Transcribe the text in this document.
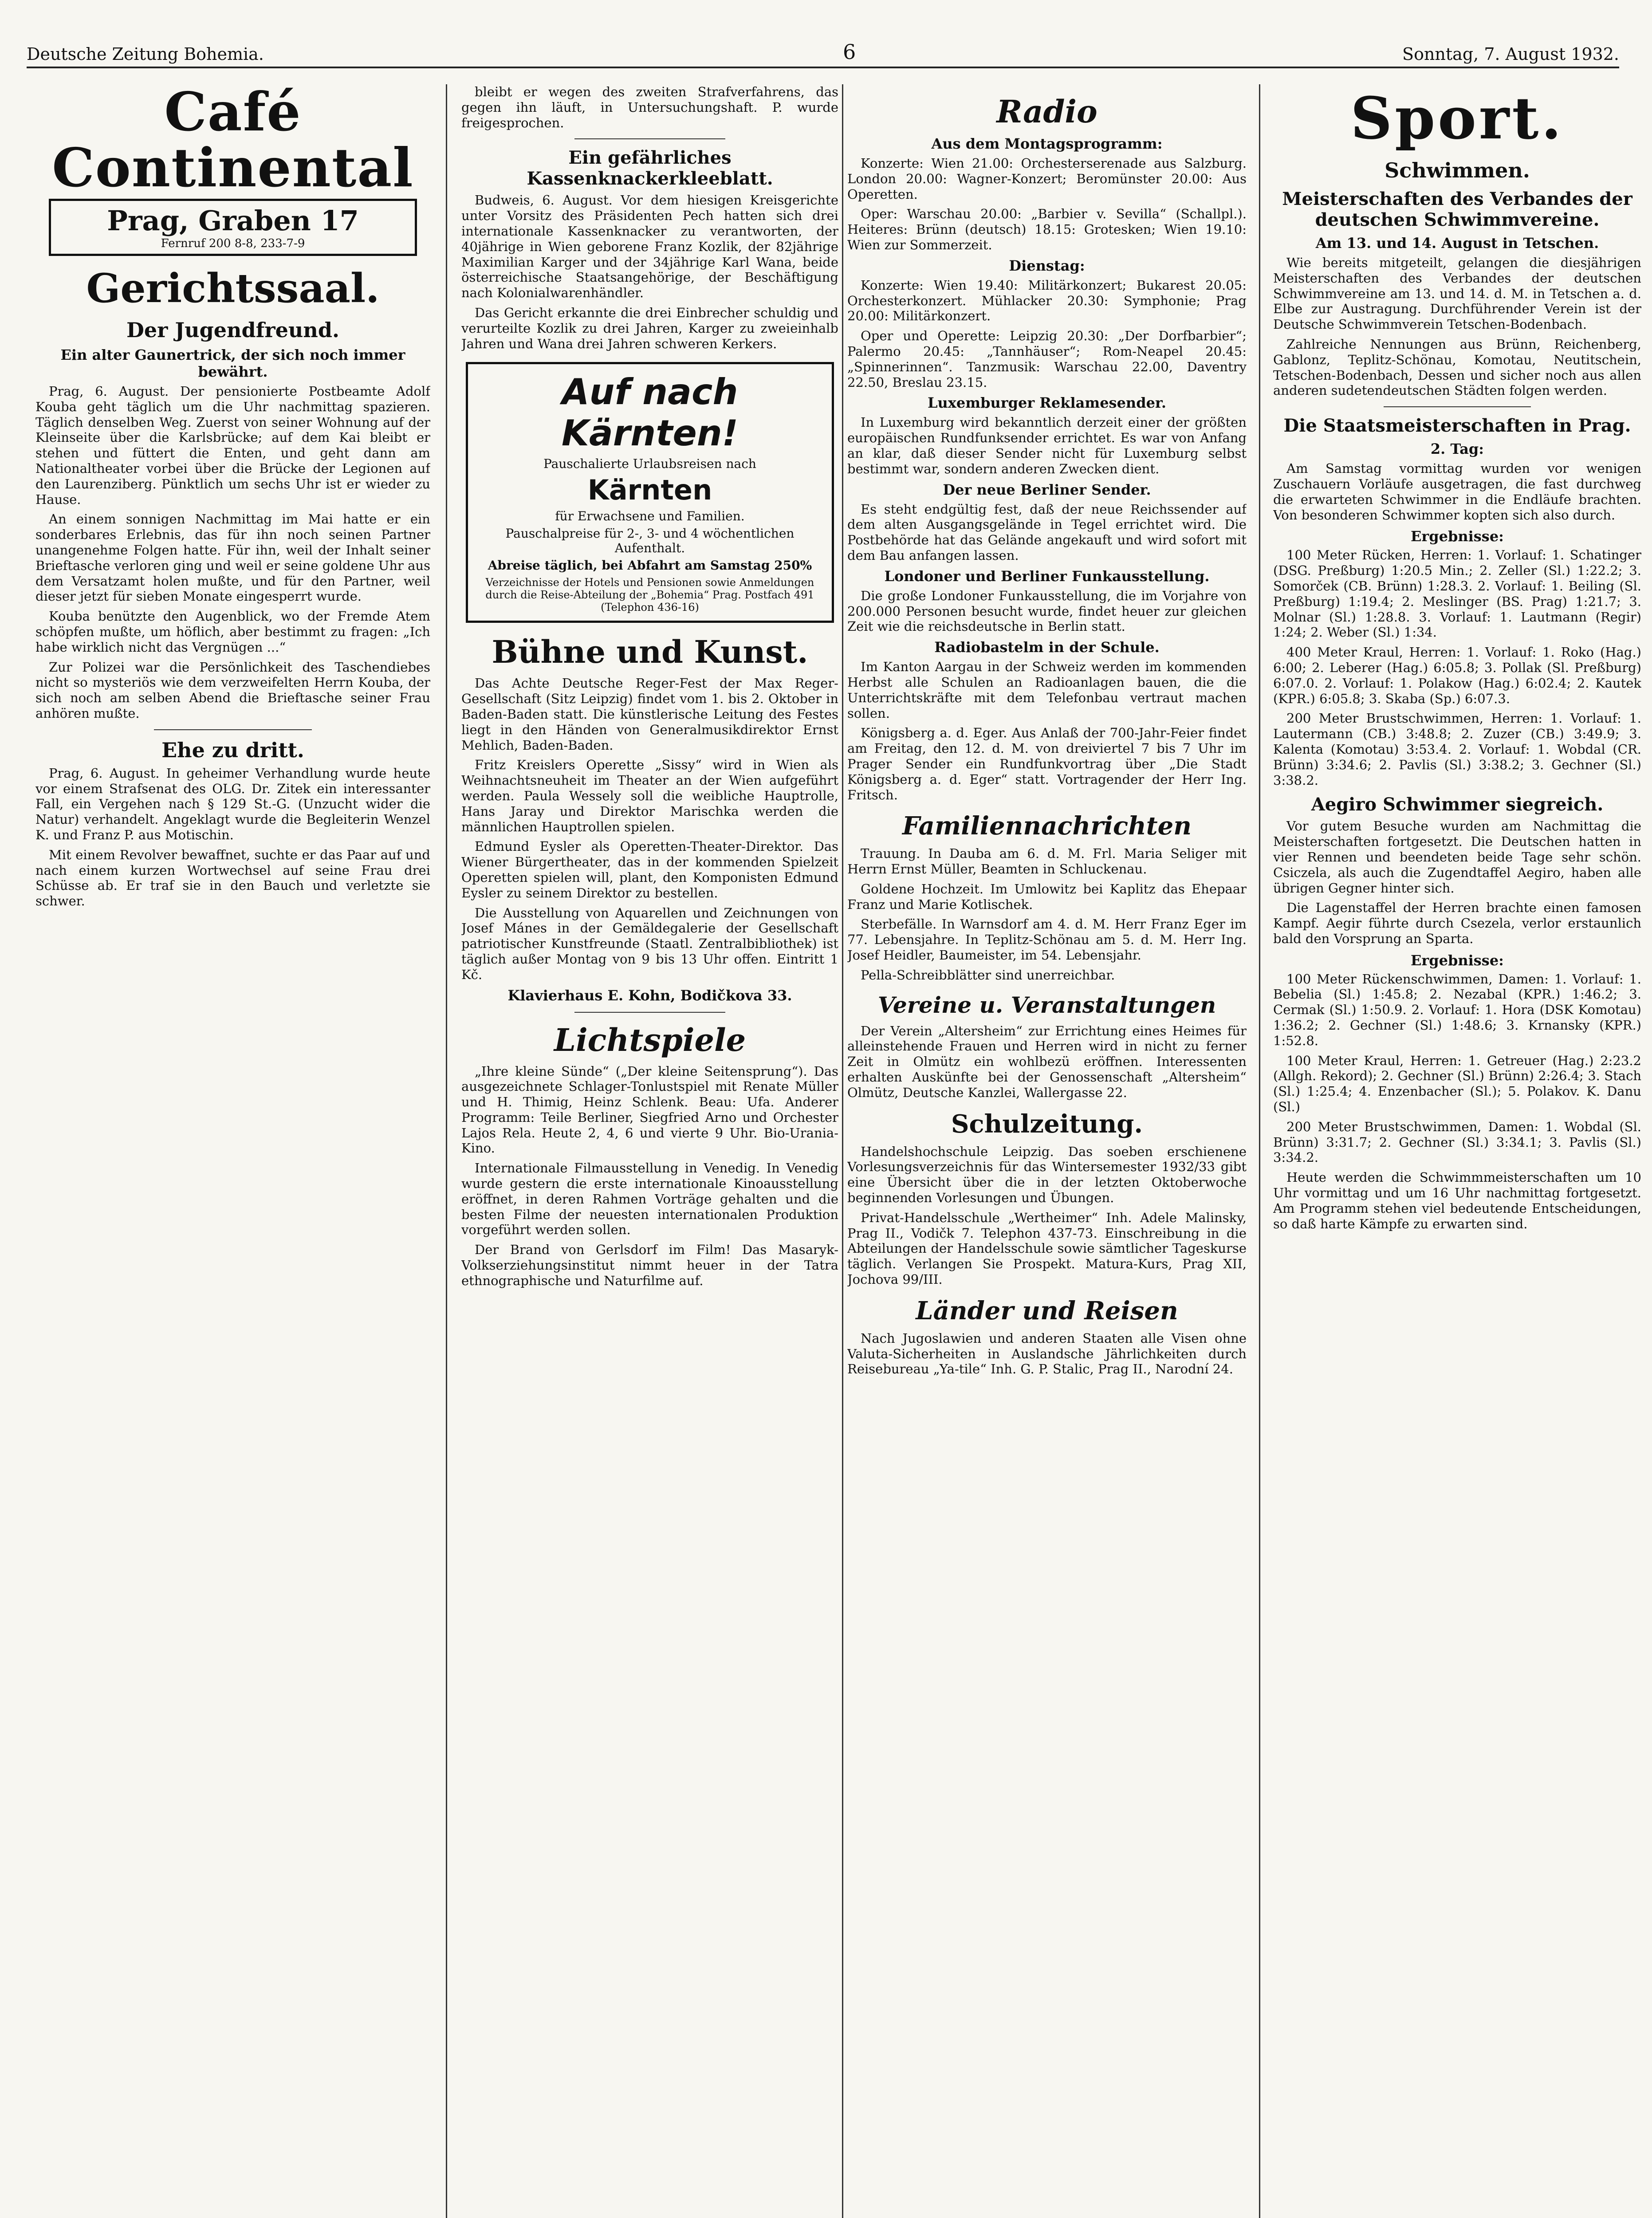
Deutsche Zeitung Bohemia.	6	Sonntag, 7. August 1932.
Café Continental
Prag, Graben 17
Fernruf 200 8-8, 233-7-9
Gerichtssaal.
Der Jugendfreund.
Ein alter Gaunertrick, der sich noch immer bewährt.

Prag, 6. August. Der pensionierte Postbeamte Adolf Kouba geht täglich um die Uhr nachmittag spazieren. Täglich denselben Weg. Zuerst von seiner Wohnung auf der Kleinseite über die Karlsbrücke; auf dem Kai bleibt er stehen und füttert die Enten, und geht dann am Nationaltheater vorbei über die Brücke der Legionen auf den Laurenziberg. Pünktlich um sechs Uhr ist er wieder zu Hause.

An einem sonnigen Nachmittag im Mai hatte er ein sonderbares Erlebnis, das für ihn noch seinen Partner unangenehme Folgen hatte. Für ihn, weil der Inhalt seiner Brieftasche verloren ging und weil er seine goldene Uhr aus dem Versatzamt holen mußte, und für den Partner, weil dieser jetzt für sieben Monate eingesperrt wurde.

Kouba benützte den Augenblick, wo der Fremde Atem schöpfen mußte, um höflich, aber bestimmt zu fragen: „Ich habe wirklich nicht das Vergnügen ...“

Zur Polizei war die Persönlichkeit des Taschendiebes nicht so mysteriös wie dem verzweifelten Herrn Kouba, der sich noch am selben Abend die Brieftasche seiner Frau anhören mußte.

Ehe zu dritt.

Prag, 6. August. In geheimer Verhandlung wurde heute vor einem Strafsenat des OLG. Dr. Zitek ein interessanter Fall, ein Vergehen nach § 129 St.-G. (Unzucht wider die Natur) verhandelt. Angeklagt wurde die Begleiterin Wenzel K. und Franz P. aus Motischin.

Mit einem Revolver bewaffnet, suchte er das Paar auf und nach einem kurzen Wortwechsel auf seine Frau drei Schüsse ab. Er traf sie in den Bauch und verletzte sie schwer.

bleibt er wegen des zweiten Strafverfahrens, das gegen ihn läuft, in Untersuchungshaft. P. wurde freigesprochen.

Ein gefährliches Kassenknackerkleeblatt.

Budweis, 6. August. Vor dem hiesigen Kreisgerichte unter Vorsitz des Präsidenten Pech hatten sich drei internationale Kassenknacker zu verantworten, der 40jährige in Wien geborene Franz Kozlik, der 82jährige Maximilian Karger und der 34jährige Karl Wana, beide österreichische Staatsangehörige, der Beschäftigung nach Kolonialwarenhändler.

Das Gericht erkannte die drei Einbrecher schuldig und verurteilte Kozlik zu drei Jahren, Karger zu zweieinhalb Jahren und Wana drei Jahren schweren Kerkers.

Auf nach Kärnten!
Pauschalierte Urlaubsreisen nach
Kärnten
für Erwachsene und Familien.
Pauschalpreise für 2-, 3- und 4 wöchentlichen Aufenthalt.
Abreise täglich, bei Abfahrt am Samstag 250%
Verzeichnisse der Hotels und Pensionen sowie Anmeldungen durch die Reise-Abteilung der „Bohemia“ Prag. Postfach 491 (Telephon 436-16)
Bühne und Kunst.

Das Achte Deutsche Reger-Fest der Max Reger-Gesellschaft (Sitz Leipzig) findet vom 1. bis 2. Oktober in Baden-Baden statt. Die künstlerische Leitung des Festes liegt in den Händen von Generalmusikdirektor Ernst Mehlich, Baden-Baden.

Fritz Kreislers Operette „Sissy“ wird in Wien als Weihnachtsneuheit im Theater an der Wien aufgeführt werden. Paula Wessely soll die weibliche Hauptrolle, Hans Jaray und Direktor Marischka werden die männlichen Hauptrollen spielen.

Edmund Eysler als Operetten-Theater-Direktor. Das Wiener Bürgertheater, das in der kommenden Spielzeit Operetten spielen will, plant, den Komponisten Edmund Eysler zu seinem Direktor zu bestellen.

Die Ausstellung von Aquarellen und Zeichnungen von Josef Mánes in der Gemäldegalerie der Gesellschaft patriotischer Kunstfreunde (Staatl. Zentralbibliothek) ist täglich außer Montag von 9 bis 13 Uhr offen. Eintritt 1 Kč.

Klavierhaus E. Kohn, Bodičkova 33.
Lichtspiele

„Ihre kleine Sünde“ („Der kleine Seitensprung“). Das ausgezeichnete Schlager-Tonlustspiel mit Renate Müller und H. Thimig, Heinz Schlenk. Beau: Ufa. Anderer Programm: Teile Berliner, Siegfried Arno und Orchester Lajos Rela. Heute 2, 4, 6 und vierte 9 Uhr. Bio-Urania-Kino.

Internationale Filmausstellung in Venedig. In Venedig wurde gestern die erste internationale Kinoausstellung eröffnet, in deren Rahmen Vorträge gehalten und die besten Filme der neuesten internationalen Produktion vorgeführt werden sollen.

Der Brand von Gerlsdorf im Film! Das Masaryk-Volkserziehungsinstitut nimmt heuer in der Tatra ethnographische und Naturfilme auf.

Radio
Aus dem Montagsprogramm:

Konzerte: Wien 21.00: Orchesterserenade aus Salzburg. London 20.00: Wagner-Konzert; Beromünster 20.00: Aus Operetten.

Oper: Warschau 20.00: „Barbier v. Sevilla“ (Schallpl.). Heiteres: Brünn (deutsch) 18.15: Grotesken; Wien 19.10: Wien zur Sommerzeit.

Dienstag:

Konzerte: Wien 19.40: Militärkonzert; Bukarest 20.05: Orchesterkonzert. Mühlacker 20.30: Symphonie; Prag 20.00: Militärkonzert.

Oper und Operette: Leipzig 20.30: „Der Dorfbarbier“; Palermo 20.45: „Tannhäuser“; Rom-Neapel 20.45: „Spinnerinnen“. Tanzmusik: Warschau 22.00, Daventry 22.50, Breslau 23.15.

Luxemburger Reklamesender.

In Luxemburg wird bekanntlich derzeit einer der größten europäischen Rundfunksender errichtet. Es war von Anfang an klar, daß dieser Sender nicht für Luxemburg selbst bestimmt war, sondern anderen Zwecken dient.

Der neue Berliner Sender.

Es steht endgültig fest, daß der neue Reichssender auf dem alten Ausgangsgelände in Tegel errichtet wird. Die Postbehörde hat das Gelände angekauft und wird sofort mit dem Bau anfangen lassen.

Londoner und Berliner Funkausstellung.

Die große Londoner Funkausstellung, die im Vorjahre von 200.000 Personen besucht wurde, findet heuer zur gleichen Zeit wie die reichsdeutsche in Berlin statt.

Radiobastelm in der Schule.

Im Kanton Aargau in der Schweiz werden im kommenden Herbst alle Schulen an Radioanlagen bauen, die die Unterrichtskräfte mit dem Telefonbau vertraut machen sollen.

Königsberg a. d. Eger. Aus Anlaß der 700-Jahr-Feier findet am Freitag, den 12. d. M. von dreiviertel 7 bis 7 Uhr im Prager Sender ein Rundfunkvortrag über „Die Stadt Königsberg a. d. Eger“ statt. Vortragender der Herr Ing. Fritsch.

Familiennachrichten

Trauung. In Dauba am 6. d. M. Frl. Maria Seliger mit Herrn Ernst Müller, Beamten in Schluckenau.

Goldene Hochzeit. Im Umlowitz bei Kaplitz das Ehepaar Franz und Marie Kotlischek.

Sterbefälle. In Warnsdorf am 4. d. M. Herr Franz Eger im 77. Lebensjahre. In Teplitz-Schönau am 5. d. M. Herr Ing. Josef Heidler, Baumeister, im 54. Lebensjahr.

Pella-Schreibblätter sind unerreichbar.

Vereine u. Veranstaltungen

Der Verein „Altersheim“ zur Errichtung eines Heimes für alleinstehende Frauen und Herren wird in nicht zu ferner Zeit in Olmütz ein wohlbezü eröffnen. Interessenten erhalten Auskünfte bei der Genossenschaft „Altersheim“ Olmütz, Deutsche Kanzlei, Wallergasse 22.

Schulzeitung.

Handelshochschule Leipzig. Das soeben erschienene Vorlesungsverzeichnis für das Wintersemester 1932/33 gibt eine Übersicht über die in der letzten Oktoberwoche beginnenden Vorlesungen und Übungen.

Privat-Handelsschule „Wertheimer“ Inh. Adele Malinsky, Prag II., Vodičk 7. Telephon 437-73. Einschreibung in die Abteilungen der Handelsschule sowie sämtlicher Tageskurse täglich. Verlangen Sie Prospekt. Matura-Kurs, Prag XII, Jochova 99/III.

Länder und Reisen

Nach Jugoslawien und anderen Staaten alle Visen ohne Valuta-Sicherheiten in Auslandsche Jährlichkeiten durch Reisebureau „Ya-tile“ Inh. G. P. Stalic, Prag II., Narodní 24.

Sport.
Schwimmen.
Meisterschaften des Verbandes der deutschen Schwimmvereine.
Am 13. und 14. August in Tetschen.

Wie bereits mitgeteilt, gelangen die diesjährigen Meisterschaften des Verbandes der deutschen Schwimmvereine am 13. und 14. d. M. in Tetschen a. d. Elbe zur Austragung. Durchführender Verein ist der Deutsche Schwimmverein Tetschen-Bodenbach.

Zahlreiche Nennungen aus Brünn, Reichenberg, Gablonz, Teplitz-Schönau, Komotau, Neutitschein, Tetschen-Bodenbach, Dessen und sicher noch aus allen anderen sudetendeutschen Städten folgen werden.

Die Staatsmeisterschaften in Prag.
2. Tag:

Am Samstag vormittag wurden vor wenigen Zuschauern Vorläufe ausgetragen, die fast durchweg die erwarteten Schwimmer in die Endläufe brachten. Von besonderen Schwimmer kopten sich also durch.

Ergebnisse:

100 Meter Rücken, Herren: 1. Vorlauf: 1. Schatinger (DSG. Preßburg) 1:20.5 Min.; 2. Zeller (Sl.) 1:22.2; 3. Somorček (CB. Brünn) 1:28.3. 2. Vorlauf: 1. Beiling (Sl. Preßburg) 1:19.4; 2. Meslinger (BS. Prag) 1:21.7; 3. Molnar (Sl.) 1:28.8. 3. Vorlauf: 1. Lautmann (Regir) 1:24; 2. Weber (Sl.) 1:34.

400 Meter Kraul, Herren: 1. Vorlauf: 1. Roko (Hag.) 6:00; 2. Leberer (Hag.) 6:05.8; 3. Pollak (Sl. Preßburg) 6:07.0. 2. Vorlauf: 1. Polakow (Hag.) 6:02.4; 2. Kautek (KPR.) 6:05.8; 3. Skaba (Sp.) 6:07.3.

200 Meter Brustschwimmen, Herren: 1. Vorlauf: 1. Lautermann (CB.) 3:48.8; 2. Zuzer (CB.) 3:49.9; 3. Kalenta (Komotau) 3:53.4. 2. Vorlauf: 1. Wobdal (CR. Brünn) 3:34.6; 2. Pavlis (Sl.) 3:38.2; 3. Gechner (Sl.) 3:38.2.

Aegiro Schwimmer siegreich.

Vor gutem Besuche wurden am Nachmittag die Meisterschaften fortgesetzt. Die Deutschen hatten in vier Rennen und beendeten beide Tage sehr schön. Csiczela, als auch die Zugendtaffel Aegiro, haben alle übrigen Gegner hinter sich.

Die Lagenstaffel der Herren brachte einen famosen Kampf. Aegir führte durch Csezela, verlor erstaunlich bald den Vorsprung an Sparta.

Ergebnisse:

100 Meter Rückenschwimmen, Damen: 1. Vorlauf: 1. Bebelia (Sl.) 1:45.8; 2. Nezabal (KPR.) 1:46.2; 3. Cermak (Sl.) 1:50.9. 2. Vorlauf: 1. Hora (DSK Komotau) 1:36.2; 2. Gechner (Sl.) 1:48.6; 3. Krnansky (KPR.) 1:52.8.

100 Meter Kraul, Herren: 1. Getreuer (Hag.) 2:23.2 (Allgh. Rekord); 2. Gechner (Sl.) Brünn) 2:26.4; 3. Stach (Sl.) 1:25.4; 4. Enzenbacher (Sl.); 5. Polakov. K. Danu (Sl.)

200 Meter Brustschwimmen, Damen: 1. Wobdal (Sl. Brünn) 3:31.7; 2. Gechner (Sl.) 3:34.1; 3. Pavlis (Sl.) 3:34.2.

Heute werden die Schwimmmeisterschaften um 10 Uhr vormittag und um 16 Uhr nachmittag fortgesetzt. Am Programm stehen viel bedeutende Entscheidungen, so daß harte Kämpfe zu erwarten sind.
